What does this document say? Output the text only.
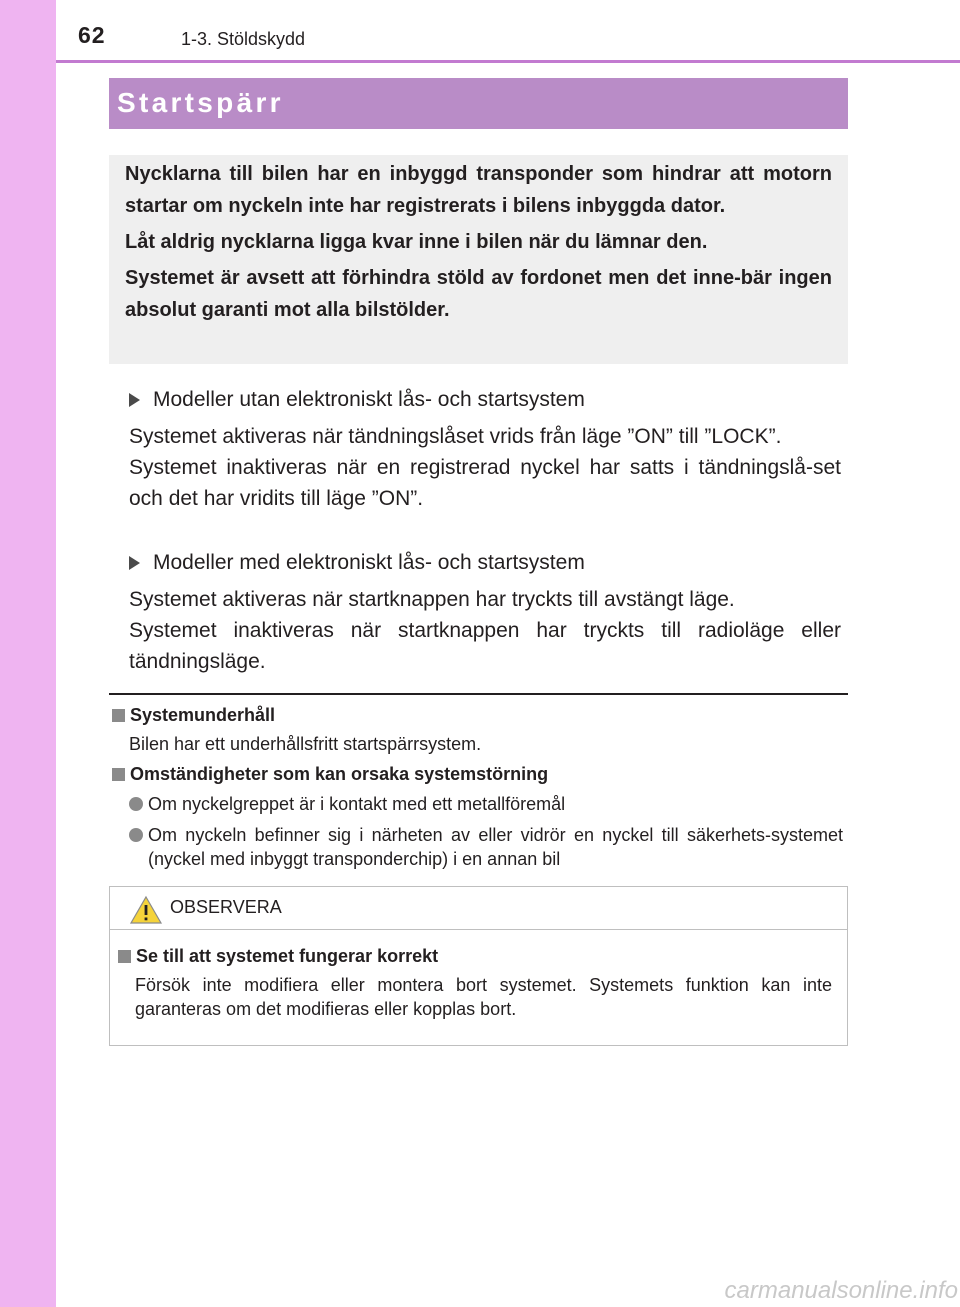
62	1-3. Stöldskydd
Startspärr

Nycklarna till bilen har en inbyggd transponder som hindrar att motorn startar om nyckeln inte har registrerats i bilens inbyggda dator.

Låt aldrig nycklarna ligga kvar inne i bilen när du lämnar den.

Systemet är avsett att förhindra stöld av fordonet men det inne-bär ingen absolut garanti mot alla bilstölder.

Modeller utan elektroniskt lås- och startsystem

Systemet aktiveras när tändningslåset vrids från läge ”ON” till ”LOCK”.

Systemet inaktiveras när en registrerad nyckel har satts i tändningslå-set och det har vridits till läge ”ON”.

Modeller med elektroniskt lås- och startsystem

Systemet aktiveras när startknappen har tryckts till avstängt läge.

Systemet inaktiveras när startknappen har tryckts till radioläge eller tändningsläge.

Systemunderhåll
Bilen har ett underhållsfritt startspärrsystem.
Omständigheter som kan orsaka systemstörning
Om nyckelgreppet är i kontakt med ett metallföremål
Om nyckeln befinner sig i närheten av eller vidrör en nyckel till säkerhets-systemet (nyckel med inbyggt transponderchip) i en annan bil
OBSERVERA
Se till att systemet fungerar korrekt
Försök inte modifiera eller montera bort systemet. Systemets funktion kan inte garanteras om det modifieras eller kopplas bort.
carmanualsonline.info
